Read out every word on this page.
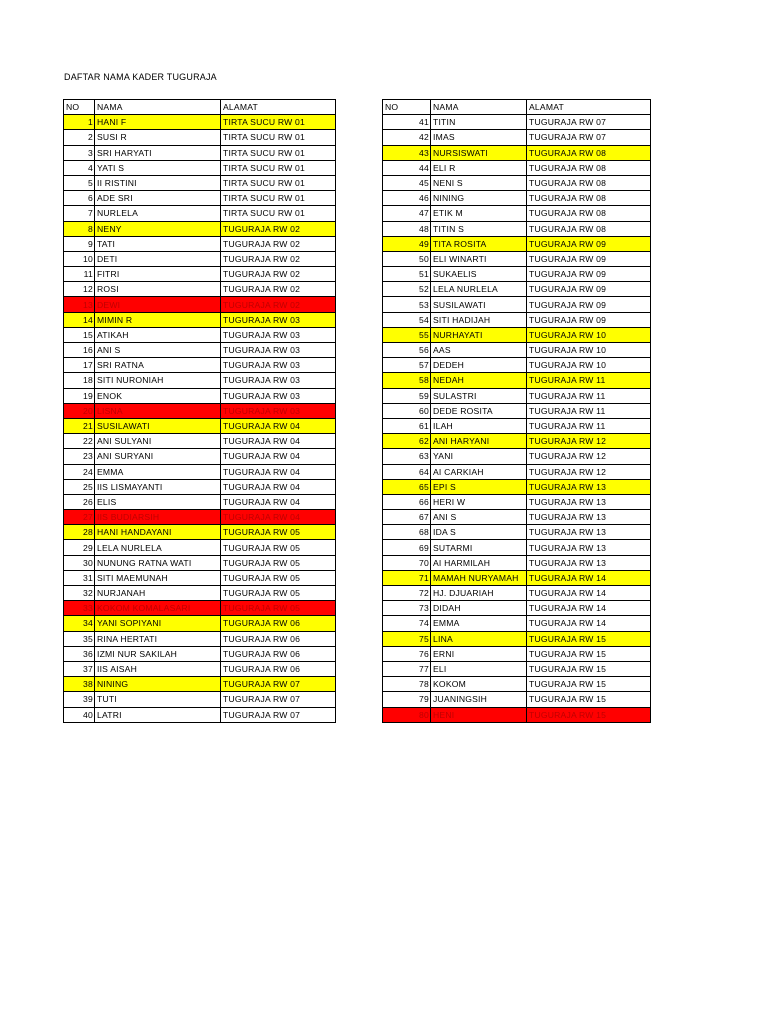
DAFTAR NAMA KADER TUGURAJA
NO	NAMA	ALAMAT
1	HANI F	TIRTA SUCU RW 01
2	SUSI R	TIRTA SUCU RW 01
3	SRI HARYATI	TIRTA SUCU RW 01
4	YATI S	TIRTA SUCU RW 01
5	II RISTINI	TIRTA SUCU RW 01
6	ADE SRI	TIRTA SUCU RW 01
7	NURLELA	TIRTA SUCU RW 01
8	NENY	TUGURAJA RW 02
9	TATI	TUGURAJA RW 02
10	DETI	TUGURAJA RW 02
11	FITRI	TUGURAJA RW 02
12	ROSI	TUGURAJA RW 02
13	DEWI	TUGURAJA RW 02
14	MIMIN R	TUGURAJA RW 03
15	ATIKAH	TUGURAJA RW 03
16	ANI S	TUGURAJA RW 03
17	SRI RATNA	TUGURAJA RW 03
18	SITI NURONIAH	TUGURAJA RW 03
19	ENOK	TUGURAJA RW 03
20	LISNA	TUGURAJA RW 03
21	SUSILAWATI	TUGURAJA RW 04
22	ANI SULYANI	TUGURAJA RW 04
23	ANI SURYANI	TUGURAJA RW 04
24	EMMA	TUGURAJA RW 04
25	IIS LISMAYANTI	TUGURAJA RW 04
26	ELIS	TUGURAJA RW 04
27	IIS BUDIARSIH	TUGURAJA RW 04
28	HANI HANDAYANI	TUGURAJA RW 05
29	LELA NURLELA	TUGURAJA RW 05
30	NUNUNG RATNA WATI	TUGURAJA RW 05
31	SITI MAEMUNAH	TUGURAJA RW 05
32	NURJANAH	TUGURAJA RW 05
33	KOKOM KOMALASARI	TUGURAJA RW 05
34	YANI SOPIYANI	TUGURAJA RW 06
35	RINA HERTATI	TUGURAJA RW 06
36	IZMI NUR SAKILAH	TUGURAJA RW 06
37	IIS AISAH	TUGURAJA RW 06
38	NINING	TUGURAJA RW 07
39	TUTI	TUGURAJA RW 07
40	LATRI	TUGURAJA RW 07
NO	NAMA	ALAMAT
41	TITIN	TUGURAJA RW 07
42	IMAS	TUGURAJA RW 07
43	NURSISWATI	TUGURAJA RW 08
44	ELI R	TUGURAJA RW 08
45	NENI S	TUGURAJA RW 08
46	NINING	TUGURAJA RW 08
47	ETIK M	TUGURAJA RW 08
48	TITIN S	TUGURAJA RW 08
49	TITA ROSITA	TUGURAJA RW 09
50	ELI WINARTI	TUGURAJA RW 09
51	SUKAELIS	TUGURAJA RW 09
52	LELA NURLELA	TUGURAJA RW 09
53	SUSILAWATI	TUGURAJA RW 09
54	SITI HADIJAH	TUGURAJA RW 09
55	NURHAYATI	TUGURAJA RW 10
56	AAS	TUGURAJA RW 10
57	DEDEH	TUGURAJA RW 10
58	NEDAH	TUGURAJA RW 11
59	SULASTRI	TUGURAJA RW 11
60	DEDE ROSITA	TUGURAJA RW 11
61	ILAH	TUGURAJA RW 11
62	ANI HARYANI	TUGURAJA RW 12
63	YANI	TUGURAJA RW 12
64	AI CARKIAH	TUGURAJA RW 12
65	EPI S	TUGURAJA RW 13
66	HERI W	TUGURAJA RW 13
67	ANI S	TUGURAJA RW 13
68	IDA S	TUGURAJA RW 13
69	SUTARMI	TUGURAJA RW 13
70	AI HARMILAH	TUGURAJA RW 13
71	MAMAH NURYAMAH	TUGURAJA RW 14
72	HJ. DJUARIAH	TUGURAJA RW 14
73	DIDAH	TUGURAJA RW 14
74	EMMA	TUGURAJA RW 14
75	LINA	TUGURAJA RW 15
76	ERNI	TUGURAJA RW 15
77	ELI	TUGURAJA RW 15
78	KOKOM	TUGURAJA RW 15
79	JUANINGSIH	TUGURAJA RW 15
80	HENI	TUGURAJA RW 15
